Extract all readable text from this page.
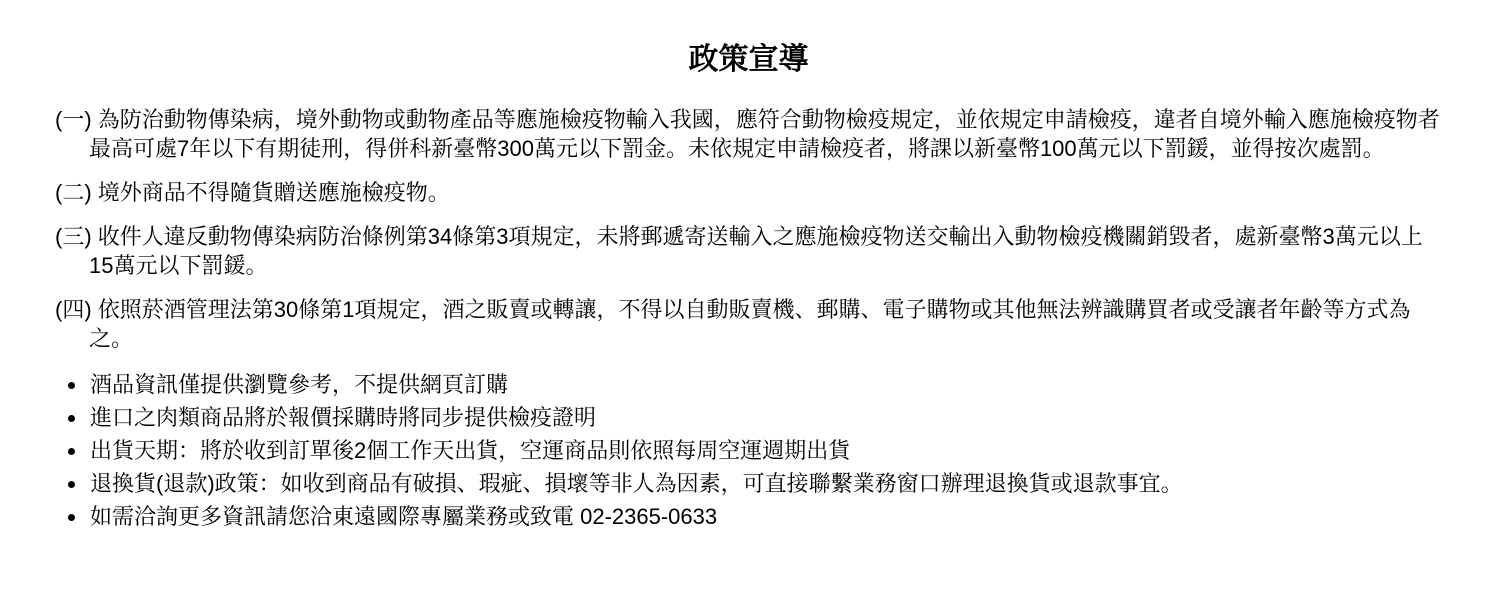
政策宣導

(一) 為防治動物傳染病，境外動物或動物產品等應施檢疫物輸入我國，應符合動物檢疫規定，並依規定申請檢疫，違者自境外輸入應施檢疫物者最高可處7年以下有期徒刑，得併科新臺幣300萬元以下罰金。未依規定申請檢疫者，將課以新臺幣100萬元以下罰鍰，並得按次處罰。

(二) 境外商品不得隨貨贈送應施檢疫物。

(三) 收件人違反動物傳染病防治條例第34條第3項規定，未將郵遞寄送輸入之應施檢疫物送交輸出入動物檢疫機關銷毀者，處新臺幣3萬元以上15萬元以下罰鍰。

(四) 依照菸酒管理法第30條第1項規定，酒之販賣或轉讓，不得以自動販賣機、郵購、電子購物或其他無法辨識購買者或受讓者年齡等方式為之。

• 酒品資訊僅提供瀏覽參考，不提供網頁訂購
• 進口之肉類商品將於報價採購時將同步提供檢疫證明
• 出貨天期：將於收到訂單後2個工作天出貨，空運商品則依照每周空運週期出貨
• 退換貨(退款)政策：如收到商品有破損、瑕疵、損壞等非人為因素，可直接聯繫業務窗口辦理退換貨或退款事宜。
• 如需洽詢更多資訊請您洽東遠國際專屬業務或致電 02-2365-0633
